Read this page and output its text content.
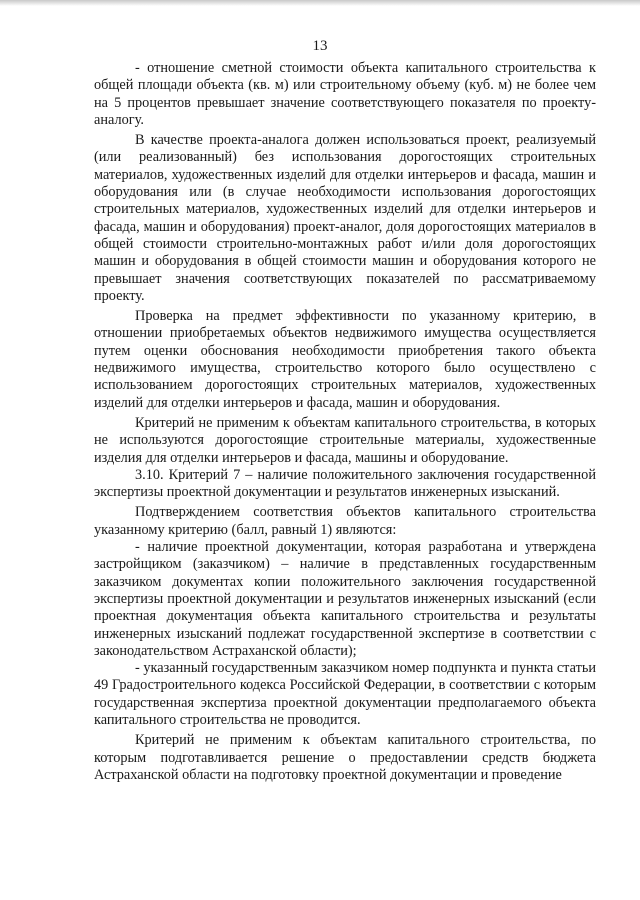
13

- отношение сметной стоимости объекта капитального строительства к общей площади объекта (кв. м) или строительному объему (куб. м) не более чем на 5 процентов превышает значение соответствующего показателя по проекту-аналогу.

В качестве проекта-аналога должен использоваться проект, реализуемый (или реализованный) без использования дорогостоящих строительных материалов, художественных изделий для отделки интерьеров и фасада, машин и оборудования или (в случае необходимости использования дорогостоящих строительных материалов, художественных изделий для отделки интерьеров и фасада, машин и оборудования) проект-аналог, доля дорогостоящих материалов в общей стоимости строительно-монтажных работ и/или доля дорогостоящих машин и оборудования в общей стоимости машин и оборудования которого не превышает значения соответствующих показателей по рассматриваемому проекту.

Проверка на предмет эффективности по указанному критерию, в отношении приобретаемых объектов недвижимого имущества осуществляется путем оценки обоснования необходимости приобретения такого объекта недвижимого имущества, строительство которого было осуществлено с использованием дорогостоящих строительных материалов, художественных изделий для отделки интерьеров и фасада, машин и оборудования.

Критерий не применим к объектам капитального строительства, в которых не используются дорогостоящие строительные материалы, художественные изделия для отделки интерьеров и фасада, машины и оборудование.

3.10. Критерий 7 – наличие положительного заключения государственной экспертизы проектной документации и результатов инженерных изысканий.

Подтверждением соответствия объектов капитального строительства указанному критерию (балл, равный 1) являются:

- наличие проектной документации, которая разработана и утверждена застройщиком (заказчиком) – наличие в представленных государственным заказчиком документах копии положительного заключения государственной экспертизы проектной документации и результатов инженерных изысканий (если проектная документация объекта капитального строительства и результаты инженерных изысканий подлежат государственной экспертизе в соответствии с законодательством Астраханской области);

- указанный государственным заказчиком номер подпункта и пункта статьи 49 Градостроительного кодекса Российской Федерации, в соответствии с которым государственная экспертиза проектной документации предполагаемого объекта капитального строительства не проводится.

Критерий не применим к объектам капитального строительства, по которым подготавливается решение о предоставлении средств бюджета Астраханской области на подготовку проектной документации и проведение
